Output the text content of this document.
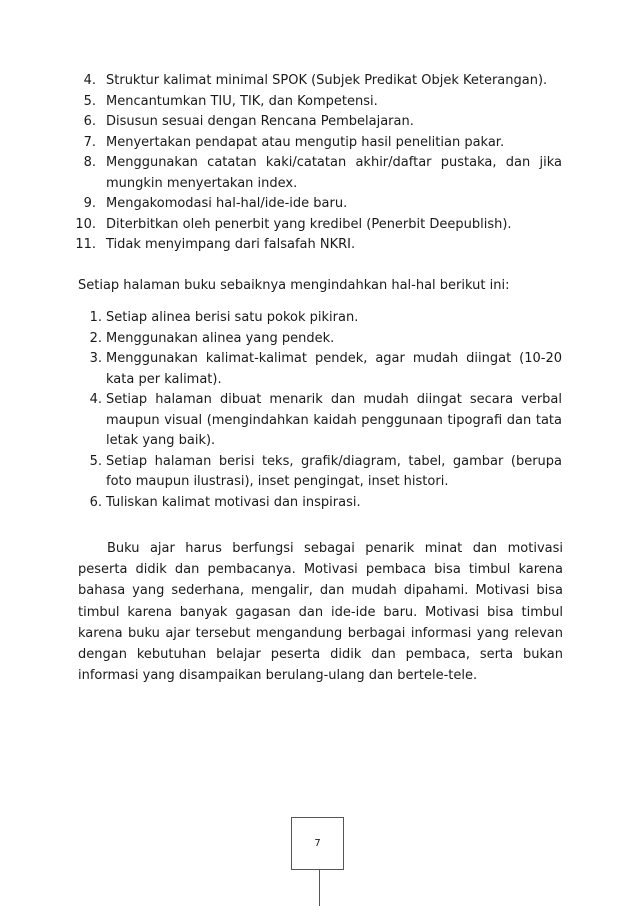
4. Struktur kalimat minimal SPOK (Subjek Predikat Objek Keterangan).
5. Mencantumkan TIU, TIK, dan Kompetensi.
6. Disusun sesuai dengan Rencana Pembelajaran.
7. Menyertakan pendapat atau mengutip hasil penelitian pakar.
8. Menggunakan catatan kaki/catatan akhir/daftar pustaka, dan jika mungkin menyertakan index.
9. Mengakomodasi hal-hal/ide-ide baru.
10. Diterbitkan oleh penerbit yang kredibel (Penerbit Deepublish).
11. Tidak menyimpang dari falsafah NKRI.

Setiap halaman buku sebaiknya mengindahkan hal-hal berikut ini:

1. Setiap alinea berisi satu pokok pikiran.
2. Menggunakan alinea yang pendek.
3. Menggunakan kalimat-kalimat pendek, agar mudah diingat (10-20 kata per kalimat).
4. Setiap halaman dibuat menarik dan mudah diingat secara verbal maupun visual (mengindahkan kaidah penggunaan tipografi dan tata letak yang baik).
5. Setiap halaman berisi teks, grafik/diagram, tabel, gambar (berupa foto maupun ilustrasi), inset pengingat, inset histori.
6. Tuliskan kalimat motivasi dan inspirasi.

Buku ajar harus berfungsi sebagai penarik minat dan motivasi peserta didik dan pembacanya. Motivasi pembaca bisa timbul karena bahasa yang sederhana, mengalir, dan mudah dipahami. Motivasi bisa timbul karena banyak gagasan dan ide-ide baru. Motivasi bisa timbul karena buku ajar tersebut mengandung berbagai informasi yang relevan dengan kebutuhan belajar peserta didik dan pembaca, serta bukan informasi yang disampaikan berulang-ulang dan bertele-tele.

7
